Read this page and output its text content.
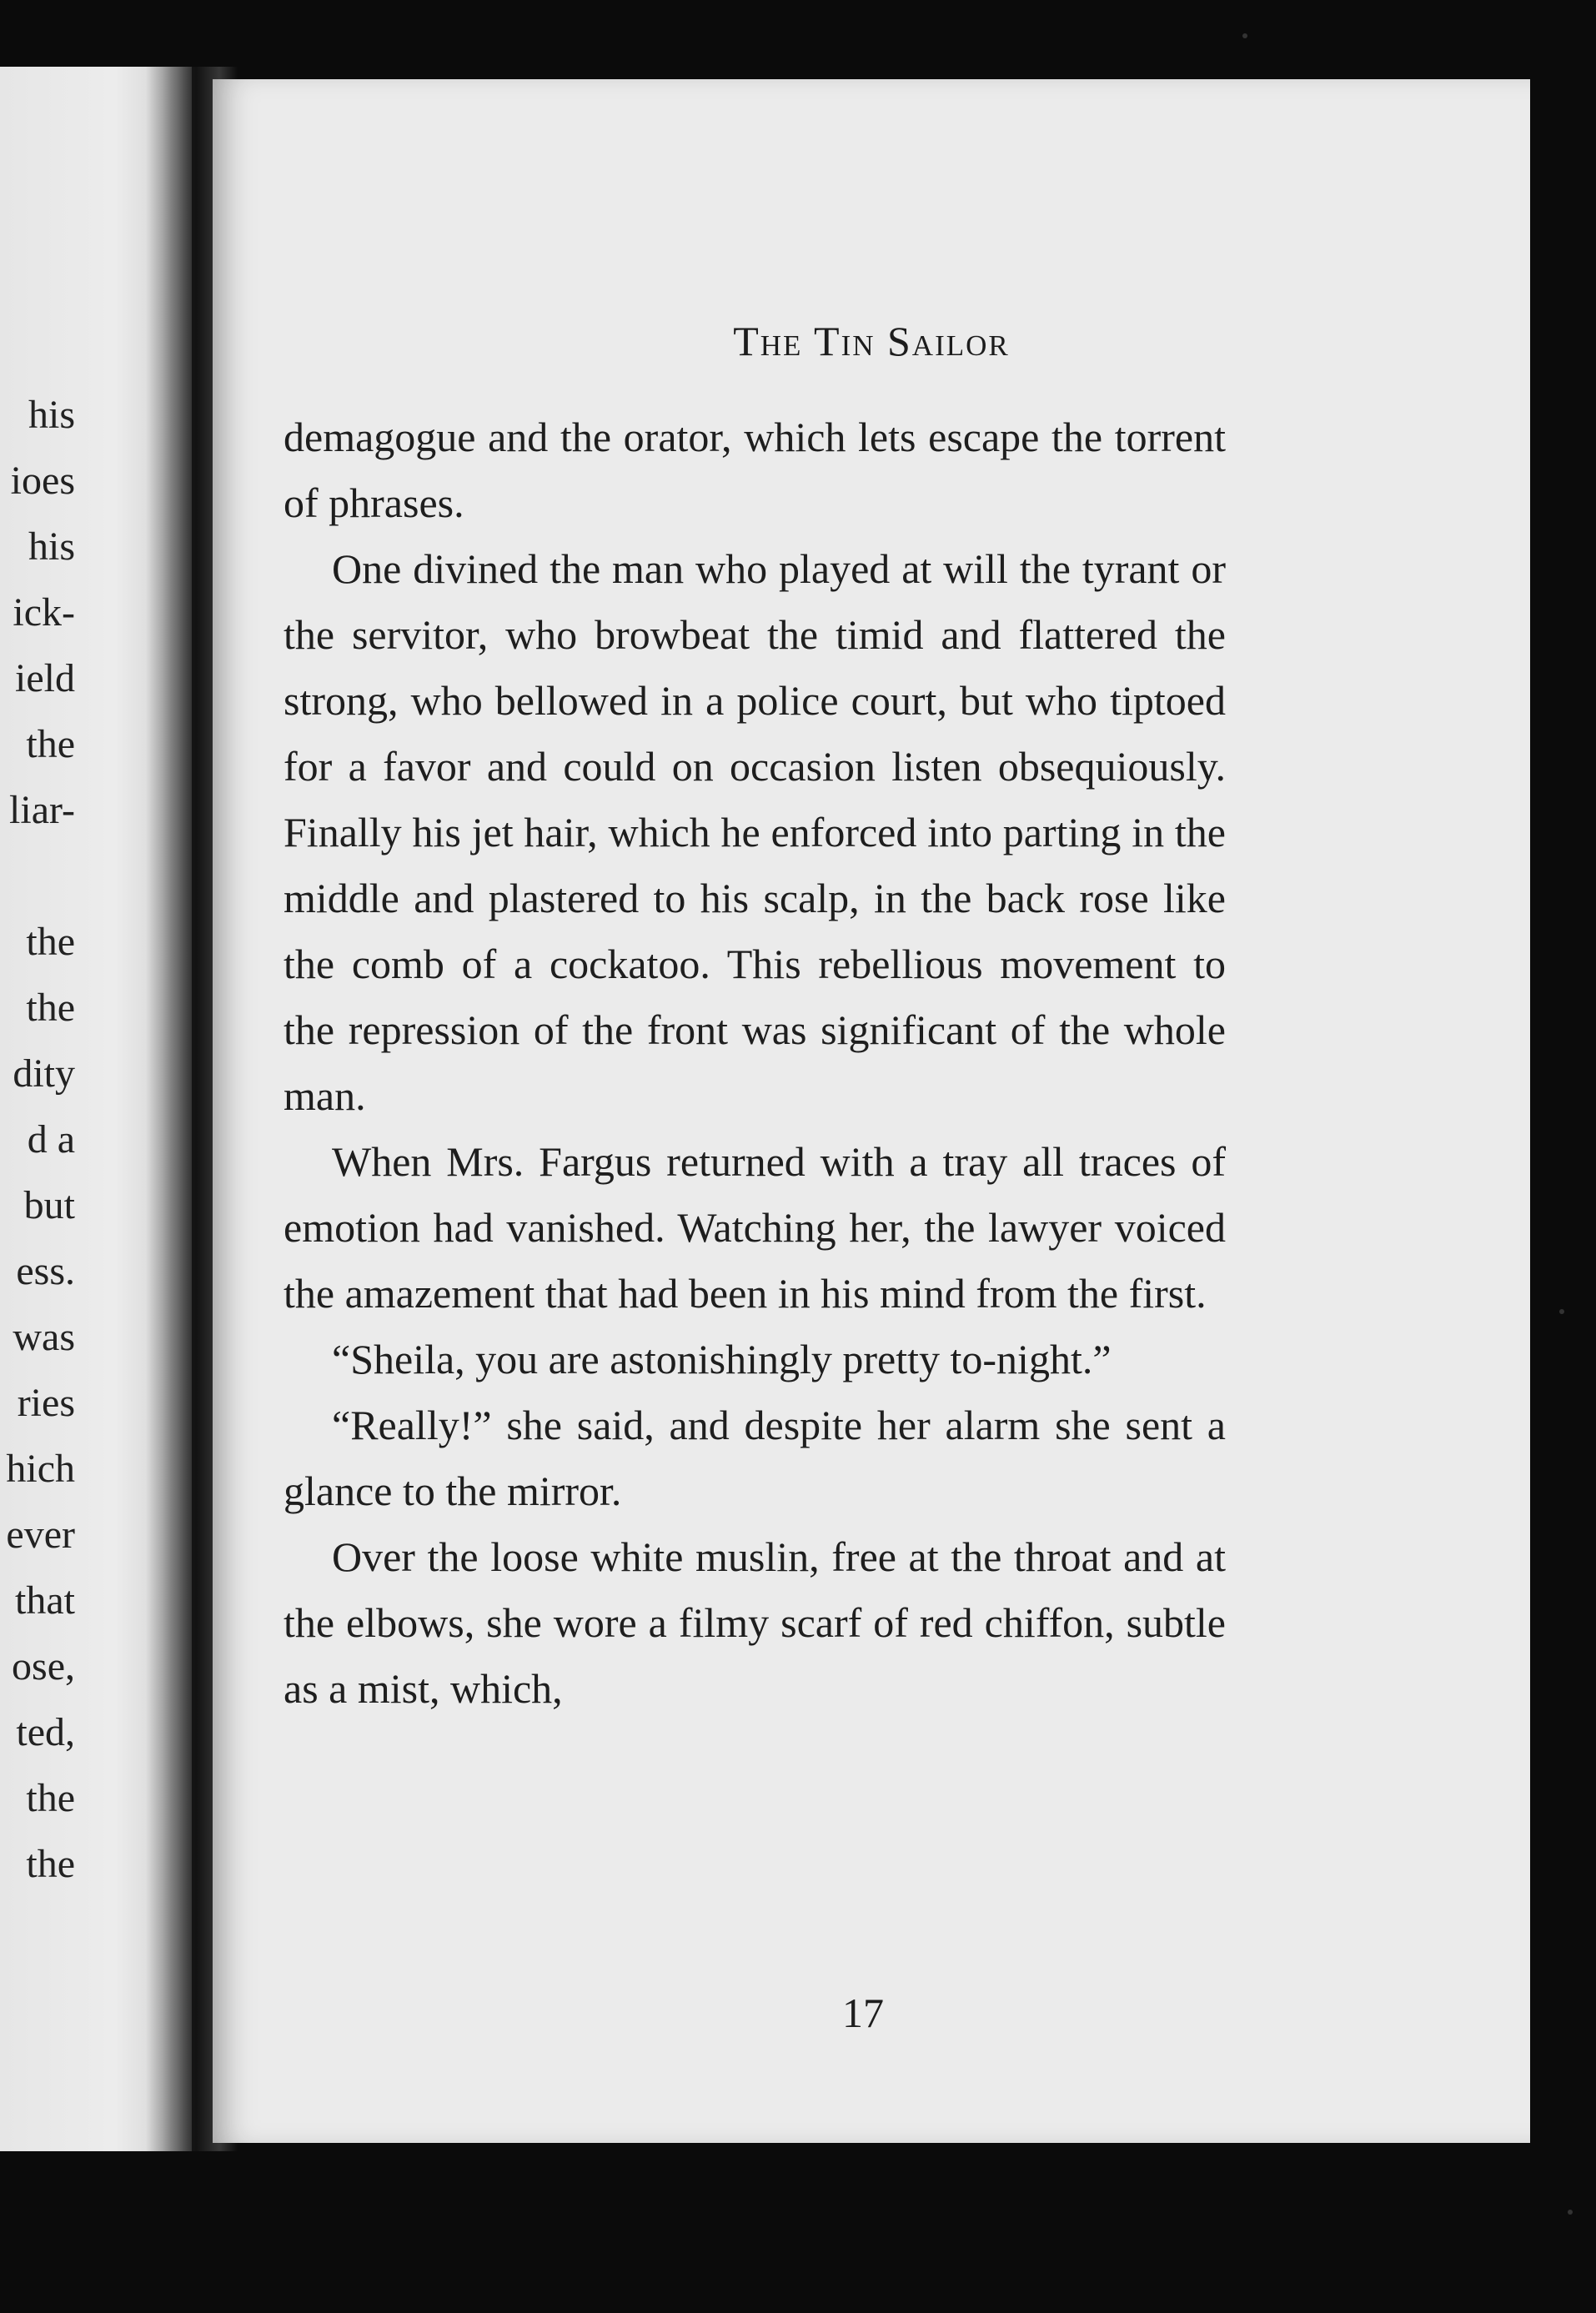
his
ioes
his
ick-
ield
the
liar-
the
the
dity
d a
but
ess.
was
ries
hich
ever
that
ose,
ted,
the
the
The Tin Sailor

demagogue and the orator, which lets escape the torrent of phrases.

One divined the man who played at will the tyrant or the servitor, who browbeat the timid and flattered the strong, who bellowed in a police court, but who tiptoed for a favor and could on occasion listen obsequiously. Finally his jet hair, which he enforced into parting in the middle and plastered to his scalp, in the back rose like the comb of a cockatoo. This rebellious movement to the repression of the front was significant of the whole man.

When Mrs. Fargus returned with a tray all traces of emotion had vanished. Watching her, the lawyer voiced the amazement that had been in his mind from the first.

“Sheila, you are astonishingly pretty to-night.”

“Really!” she said, and despite her alarm she sent a glance to the mirror.

Over the loose white muslin, free at the throat and at the elbows, she wore a filmy scarf of red chiffon, subtle as a mist, which,

17
